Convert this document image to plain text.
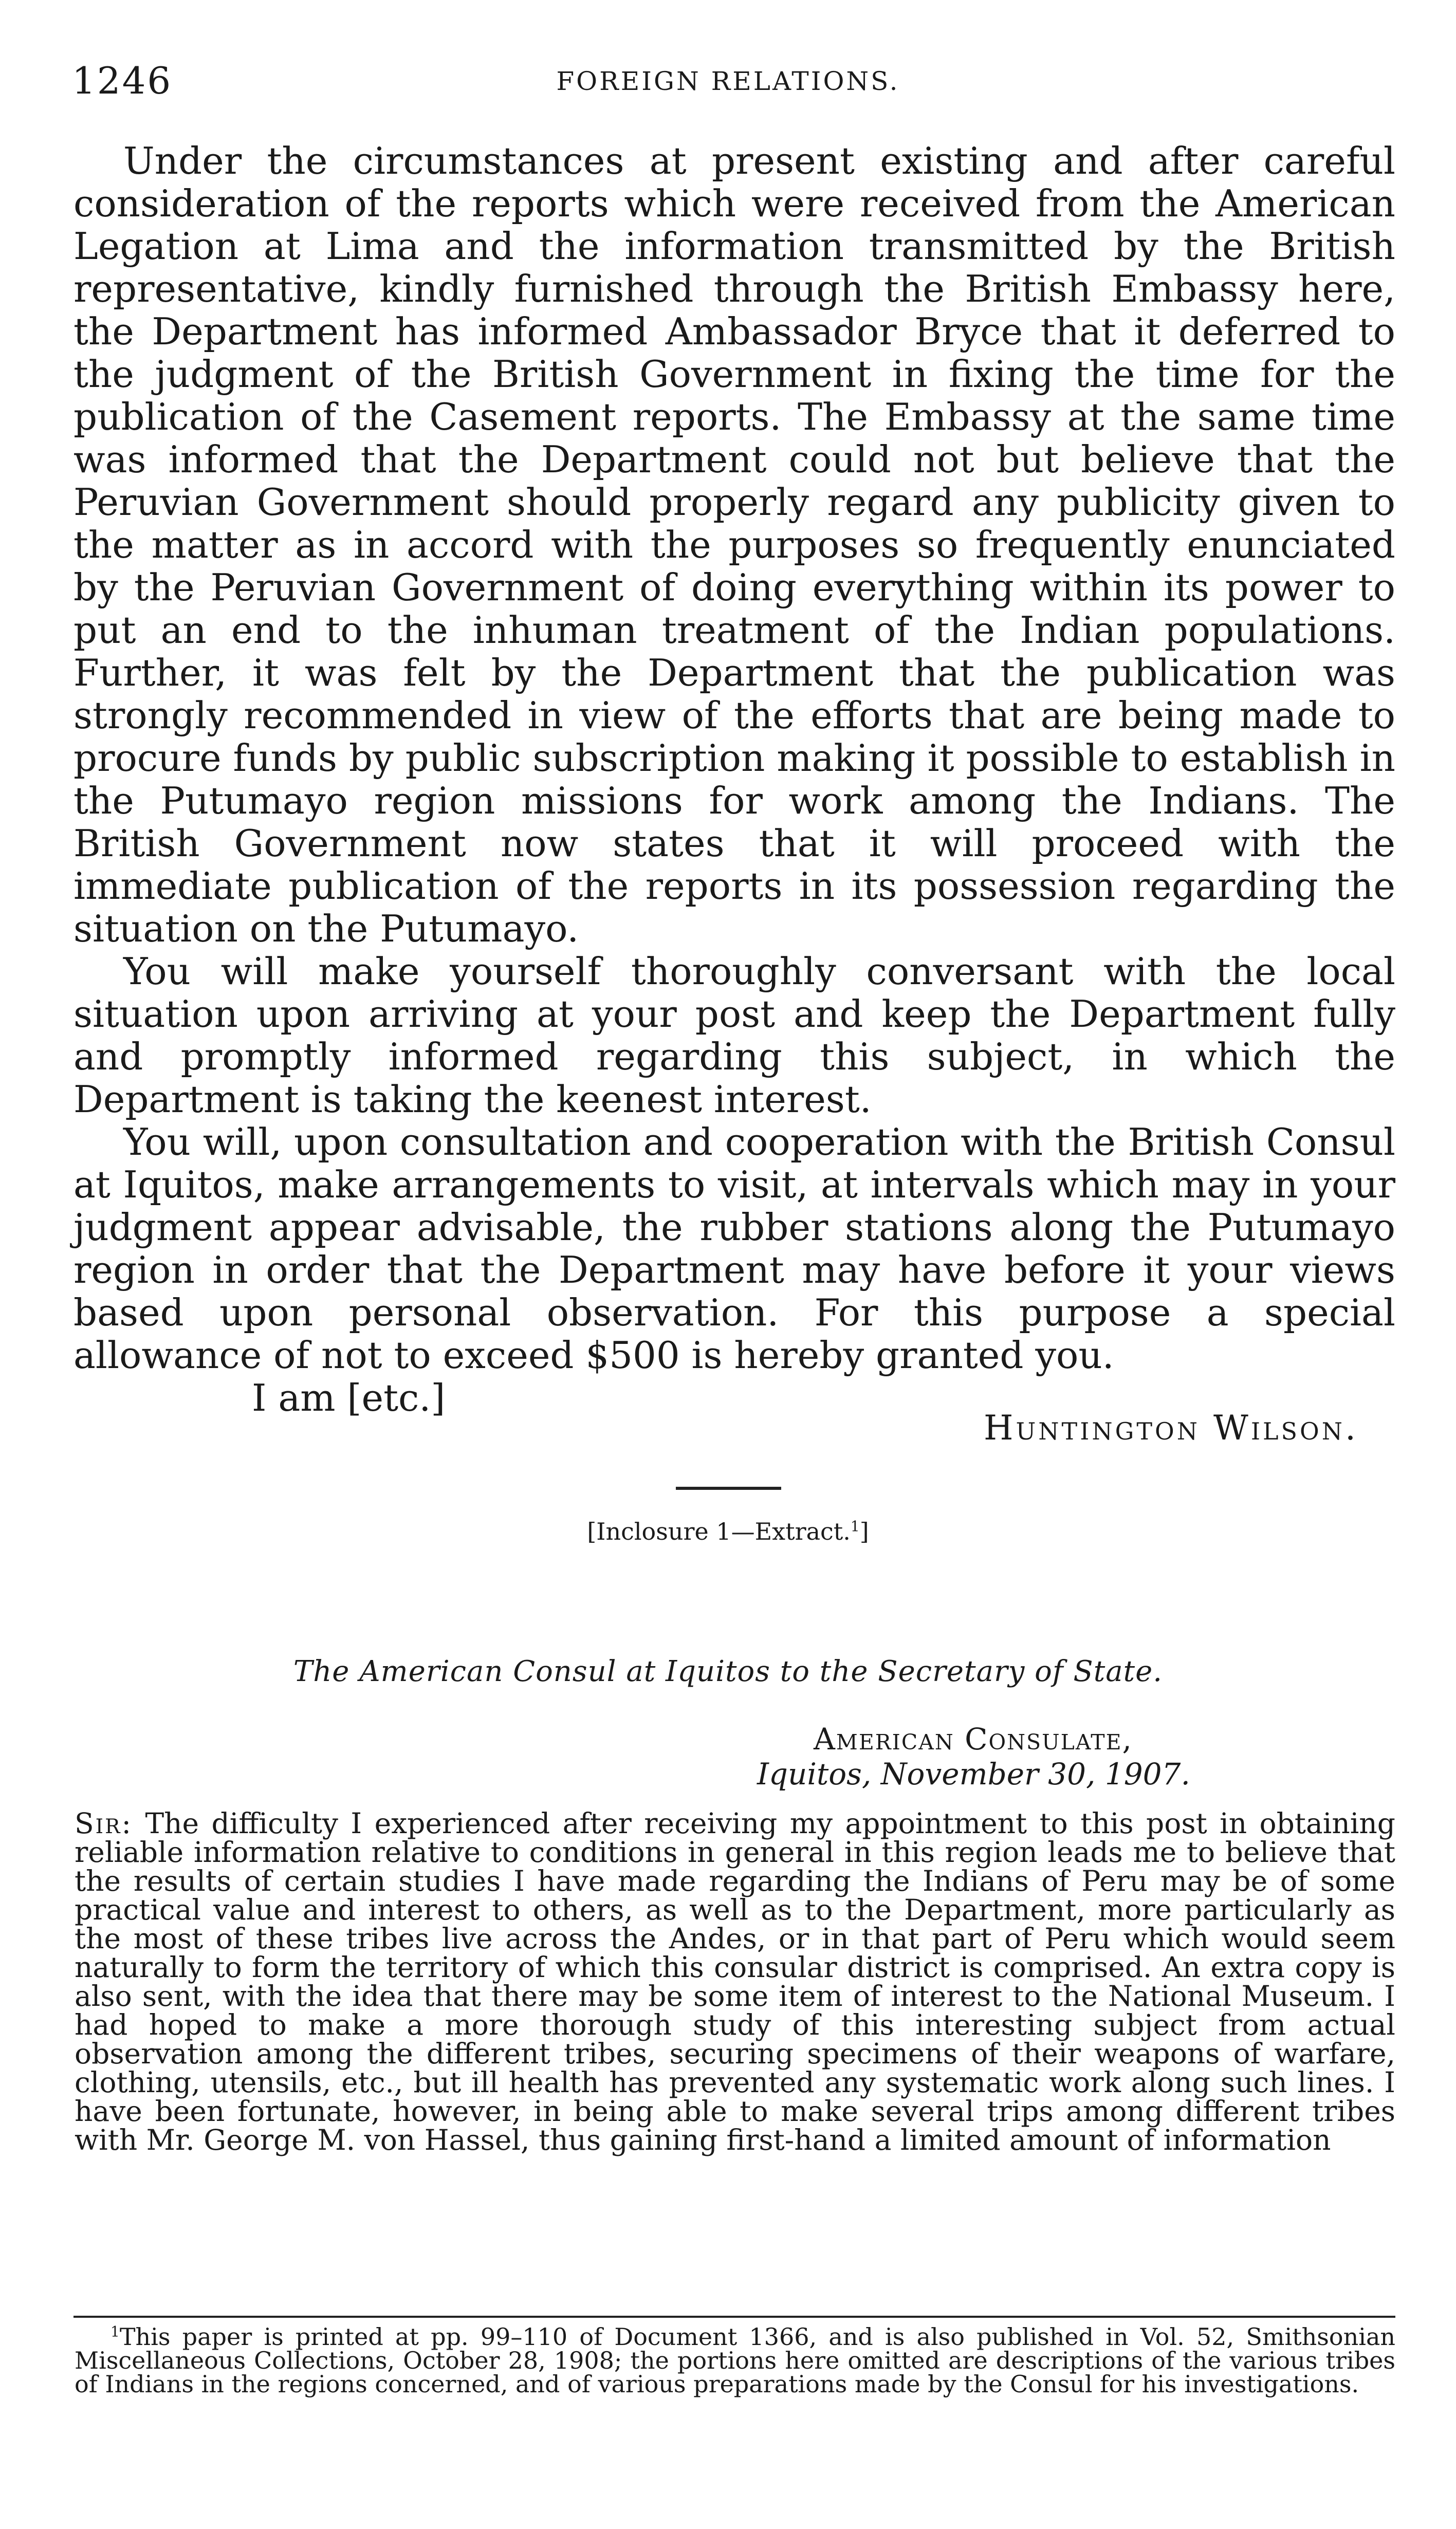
1246	FOREIGN RELATIONS.

Under the circumstances at present existing and after careful consideration of the reports which were received from the American Legation at Lima and the information transmitted by the British representative, kindly furnished through the British Embassy here, the Department has informed Ambassador Bryce that it deferred to the judgment of the British Government in fixing the time for the publication of the Casement reports. The Embassy at the same time was informed that the Department could not but believe that the Peruvian Government should properly regard any publicity given to the matter as in accord with the purposes so frequently enunciated by the Peruvian Government of doing everything within its power to put an end to the inhuman treatment of the Indian populations. Further, it was felt by the Department that the publication was strongly recommended in view of the efforts that are being made to procure funds by public subscription making it possible to establish in the Putumayo region missions for work among the Indians. The British Government now states that it will proceed with the immediate publication of the reports in its possession regarding the situation on the Putumayo.

You will make yourself thoroughly conversant with the local situation upon arriving at your post and keep the Department fully and promptly informed regarding this subject, in which the Department is taking the keenest interest.

You will, upon consultation and cooperation with the British Consul at Iquitos, make arrangements to visit, at intervals which may in your judgment appear advisable, the rubber stations along the Putumayo region in order that the Department may have before it your views based upon personal observation. For this purpose a special allowance of not to exceed $500 is hereby granted you.

I am [etc.]

Huntington Wilson.
[Inclosure 1—Extract.$^1$]
The American Consul at Iquitos to the Secretary of State.
American Consulate,
Iquitos, November 30, 1907.

Sir: The difficulty I experienced after receiving my appointment to this post in obtaining reliable information relative to conditions in general in this region leads me to believe that the results of certain studies I have made regarding the Indians of Peru may be of some practical value and interest to others, as well as to the Department, more particularly as the most of these tribes live across the Andes, or in that part of Peru which would seem naturally to form the territory of which this consular district is comprised. An extra copy is also sent, with the idea that there may be some item of interest to the National Museum. I had hoped to make a more thorough study of this interesting subject from actual observation among the different tribes, securing specimens of their weapons of warfare, clothing, utensils, etc., but ill health has prevented any systematic work along such lines. I have been fortunate, however, in being able to make several trips among different tribes with Mr. George M. von Hassel, thus gaining first-hand a limited amount of information

$^1$This paper is printed at pp. 99–110 of Document 1366, and is also published in Vol. 52, Smithsonian Miscellaneous Collections, October 28, 1908; the portions here omitted are descriptions of the various tribes of Indians in the regions concerned, and of various preparations made by the Consul for his investigations.
